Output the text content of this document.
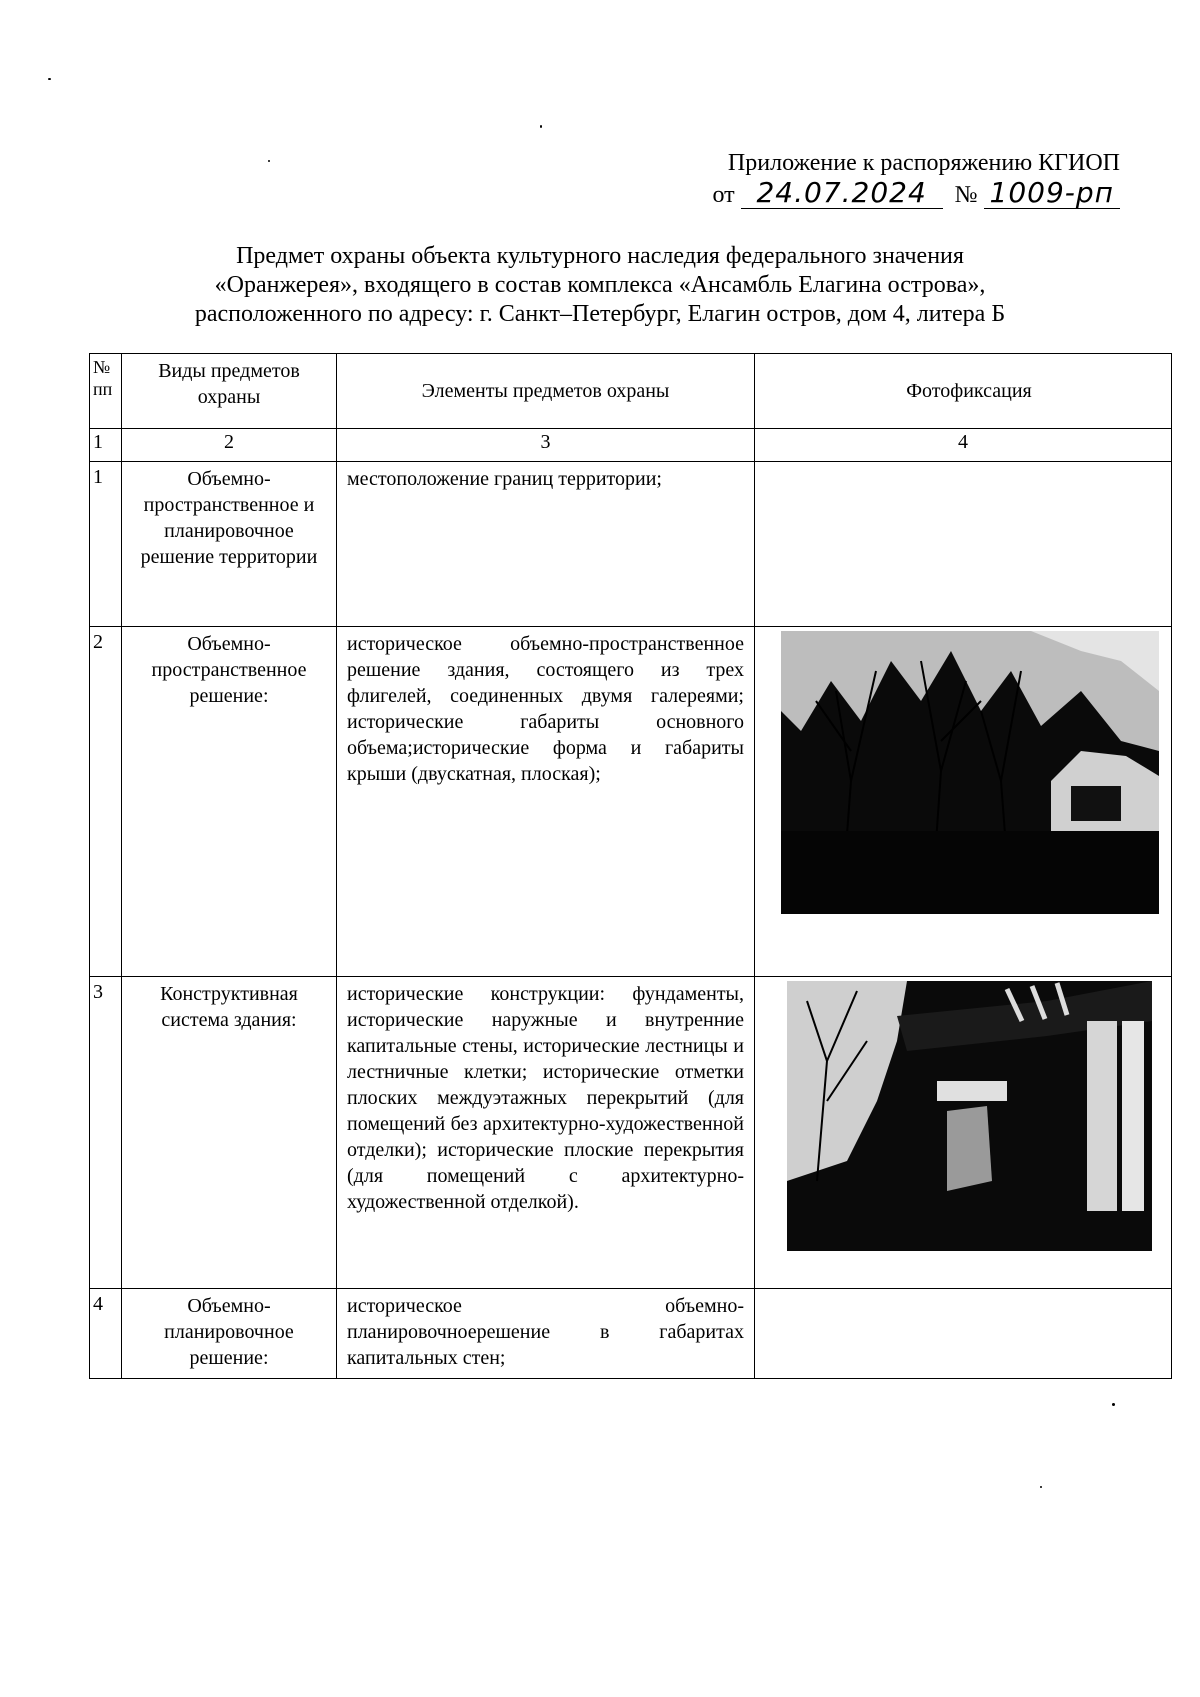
Приложение к распоряжению КГИОП
от 24.07.2024 № 1009-рп
Предмет охраны объекта культурного наследия федерального значения
«Оранжерея», входящего в состав комплекса «Ансамбль Елагина острова»,
расположенного по адресу: г. Санкт–Петербург, Елагин остров, дом 4, литера Б
№ пп	Виды предметов охраны	Элементы предметов охраны	Фотофиксация
1	2	3	4
1	Объемно-пространственное и планировочное решение территории	местоположение границ территории;	
2	Объемно-пространственное решение:	историческое объемно-пространственное решение здания, состоящего из трех флигелей, соединенных двумя галереями; исторические габариты основного объема;исторические форма и габариты крыши (двускатная, плоская);	

3	Конструктивная система здания:	исторические конструкции: фундаменты, исторические наружные и внутренние капитальные стены, исторические лестницы и лестничные клетки; исторические отметки плоских междуэтажных перекрытий (для помещений без архитектурно-художественной отделки); исторические плоские перекрытия (для помещений с архитектурно-художественной отделкой).	

4	Объемно-планировочное решение:	историческое объемно-планировочноерешение в габаритах капитальных стен;	
